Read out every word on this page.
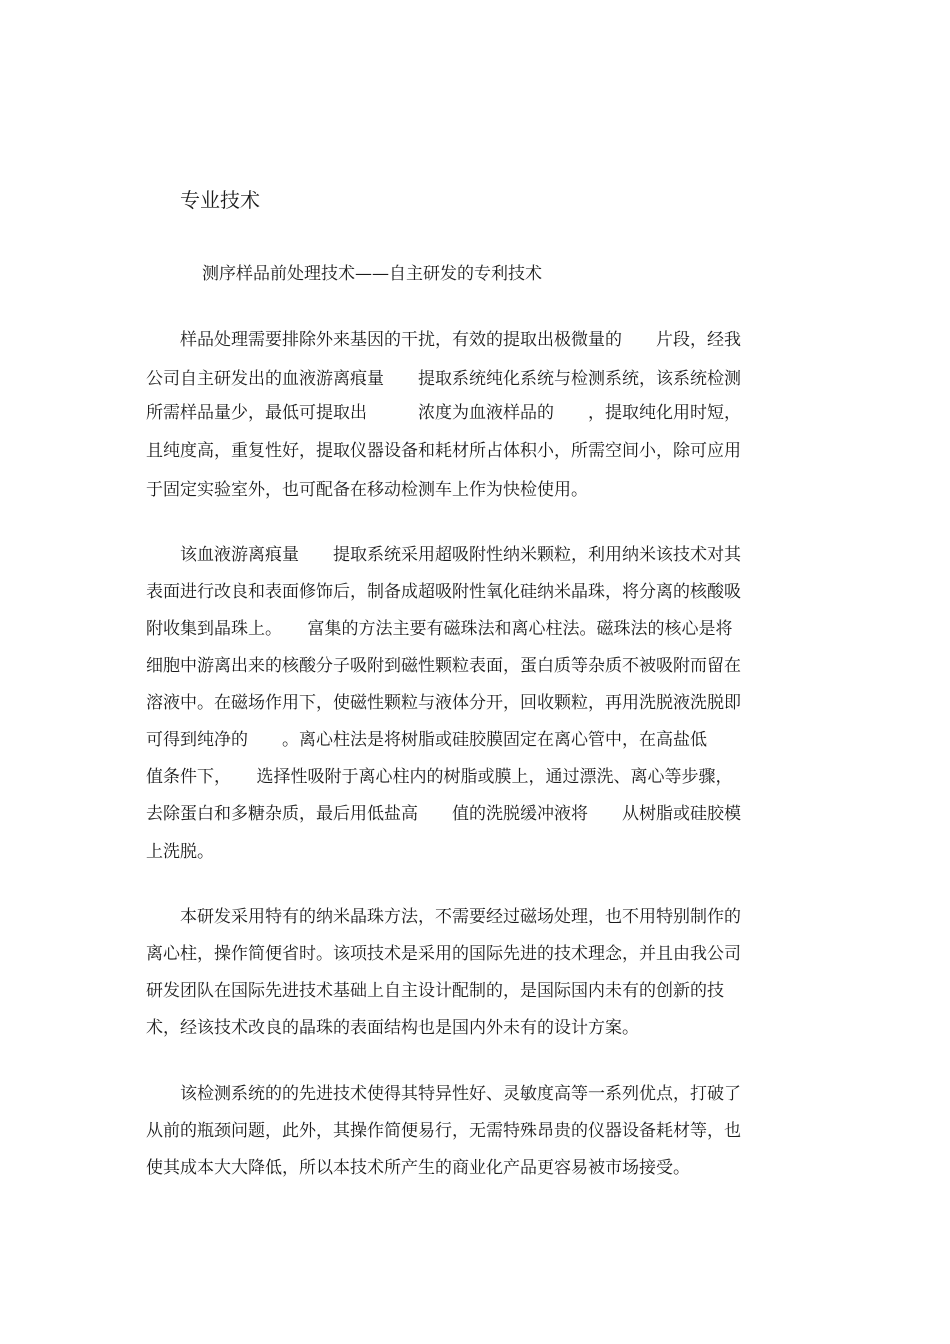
专业技术
测序样品前处理技术——自主研发的专利技术

　　样品处理需要排除外来基因的干扰，有效的提取出极微量的　　片段，经我

公司自主研发出的血液游离痕量　　提取系统纯化系统与检测系统，该系统检测

所需样品量少，最低可提取出　　　浓度为血液样品的　　，提取纯化用时短，

且纯度高，重复性好，提取仪器设备和耗材所占体积小，所需空间小，除可应用

于固定实验室外，也可配备在移动检测车上作为快检使用。

　　该血液游离痕量　　提取系统采用超吸附性纳米颗粒，利用纳米该技术对其

表面进行改良和表面修饰后，制备成超吸附性氧化硅纳米晶珠，将分离的核酸吸

附收集到晶珠上。　　富集的方法主要有磁珠法和离心柱法。磁珠法的核心是将

细胞中游离出来的核酸分子吸附到磁性颗粒表面，蛋白质等杂质不被吸附而留在

溶液中。在磁场作用下，使磁性颗粒与液体分开，回收颗粒，再用洗脱液洗脱即

可得到纯净的　　。离心柱法是将树脂或硅胶膜固定在离心管中，在高盐低

值条件下，　　选择性吸附于离心柱内的树脂或膜上，通过漂洗、离心等步骤，

去除蛋白和多糖杂质，最后用低盐高　　值的洗脱缓冲液将　　从树脂或硅胶模

上洗脱。

　　本研发采用特有的纳米晶珠方法，不需要经过磁场处理，也不用特别制作的

离心柱，操作简便省时。该项技术是采用的国际先进的技术理念，并且由我公司

研发团队在国际先进技术基础上自主设计配制的，是国际国内未有的创新的技

术，经该技术改良的晶珠的表面结构也是国内外未有的设计方案。

　　该检测系统的的先进技术使得其特异性好、灵敏度高等一系列优点，打破了

从前的瓶颈问题，此外，其操作简便易行，无需特殊昂贵的仪器设备耗材等，也

使其成本大大降低，所以本技术所产生的商业化产品更容易被市场接受。
